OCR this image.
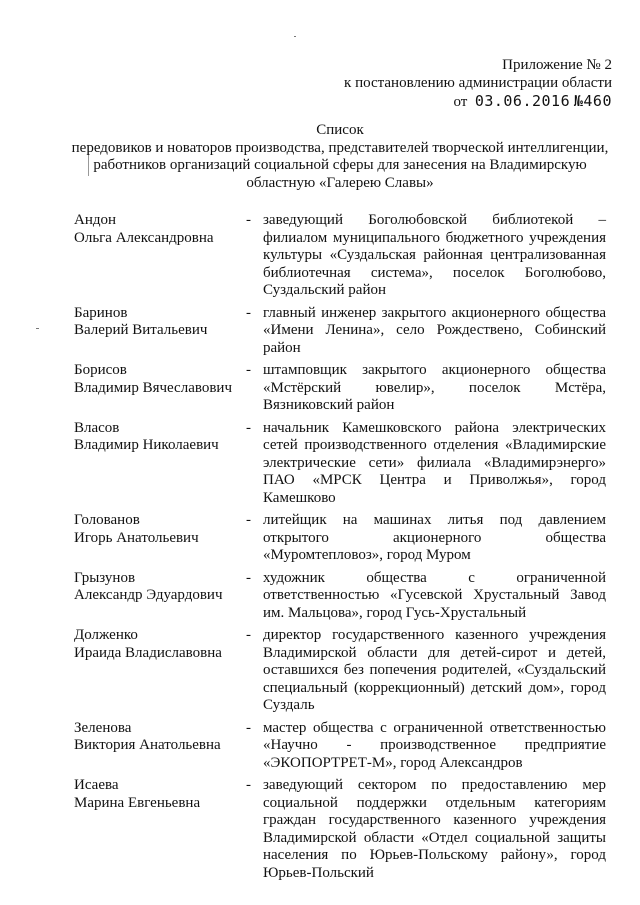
Приложение № 2
к постановлению администрации области
от 03.06.2016 №460
Список
передовиков и новаторов производства, представителей творческой интеллигенции, работников организаций социальной сферы для занесения на Владимирскую областную «Галерею Славы»
Андон
Ольга Александровна
- заведующий Боголюбовской библиотекой – филиалом муниципального бюджетного учреждения культуры «Суздальская районная централизованная библиотечная система», поселок Боголюбово, Суздальский район
Баринов
Валерий Витальевич
- главный инженер закрытого акционерного общества «Имени Ленина», село Рождествено, Собинский район
Борисов
Владимир Вячеславович
- штамповщик закрытого акционерного общества «Мстёрский ювелир», поселок Мстёра, Вязниковский район
Власов
Владимир Николаевич
- начальник Камешковского района электрических сетей производственного отделения «Владимирские электрические сети» филиала «Владимирэнерго» ПАО «МРСК Центра и Приволжья», город Камешково
Голованов
Игорь Анатольевич
- литейщик на машинах литья под давлением открытого акционерного общества «Муромтепловоз», город Муром
Грызунов
Александр Эдуардович
- художник общества с ограниченной ответственностью «Гусевской Хрустальный Завод им. Мальцова», город Гусь-Хрустальный
Долженко
Ираида Владиславовна
- директор государственного казенного учреждения Владимирской области для детей-сирот и детей, оставшихся без попечения родителей, «Суздальский специальный (коррекционный) детский дом», город Суздаль
Зеленова
Виктория Анатольевна
- мастер общества с ограниченной ответственностью «Научно - производственное предприятие «ЭКОПОРТРЕТ-М», город Александров
Исаева
Марина Евгеньевна
- заведующий сектором по предоставлению мер социальной поддержки отдельным категориям граждан государственного казенного учреждения Владимирской области «Отдел социальной защиты населения по Юрьев-Польскому району», город Юрьев-Польский
